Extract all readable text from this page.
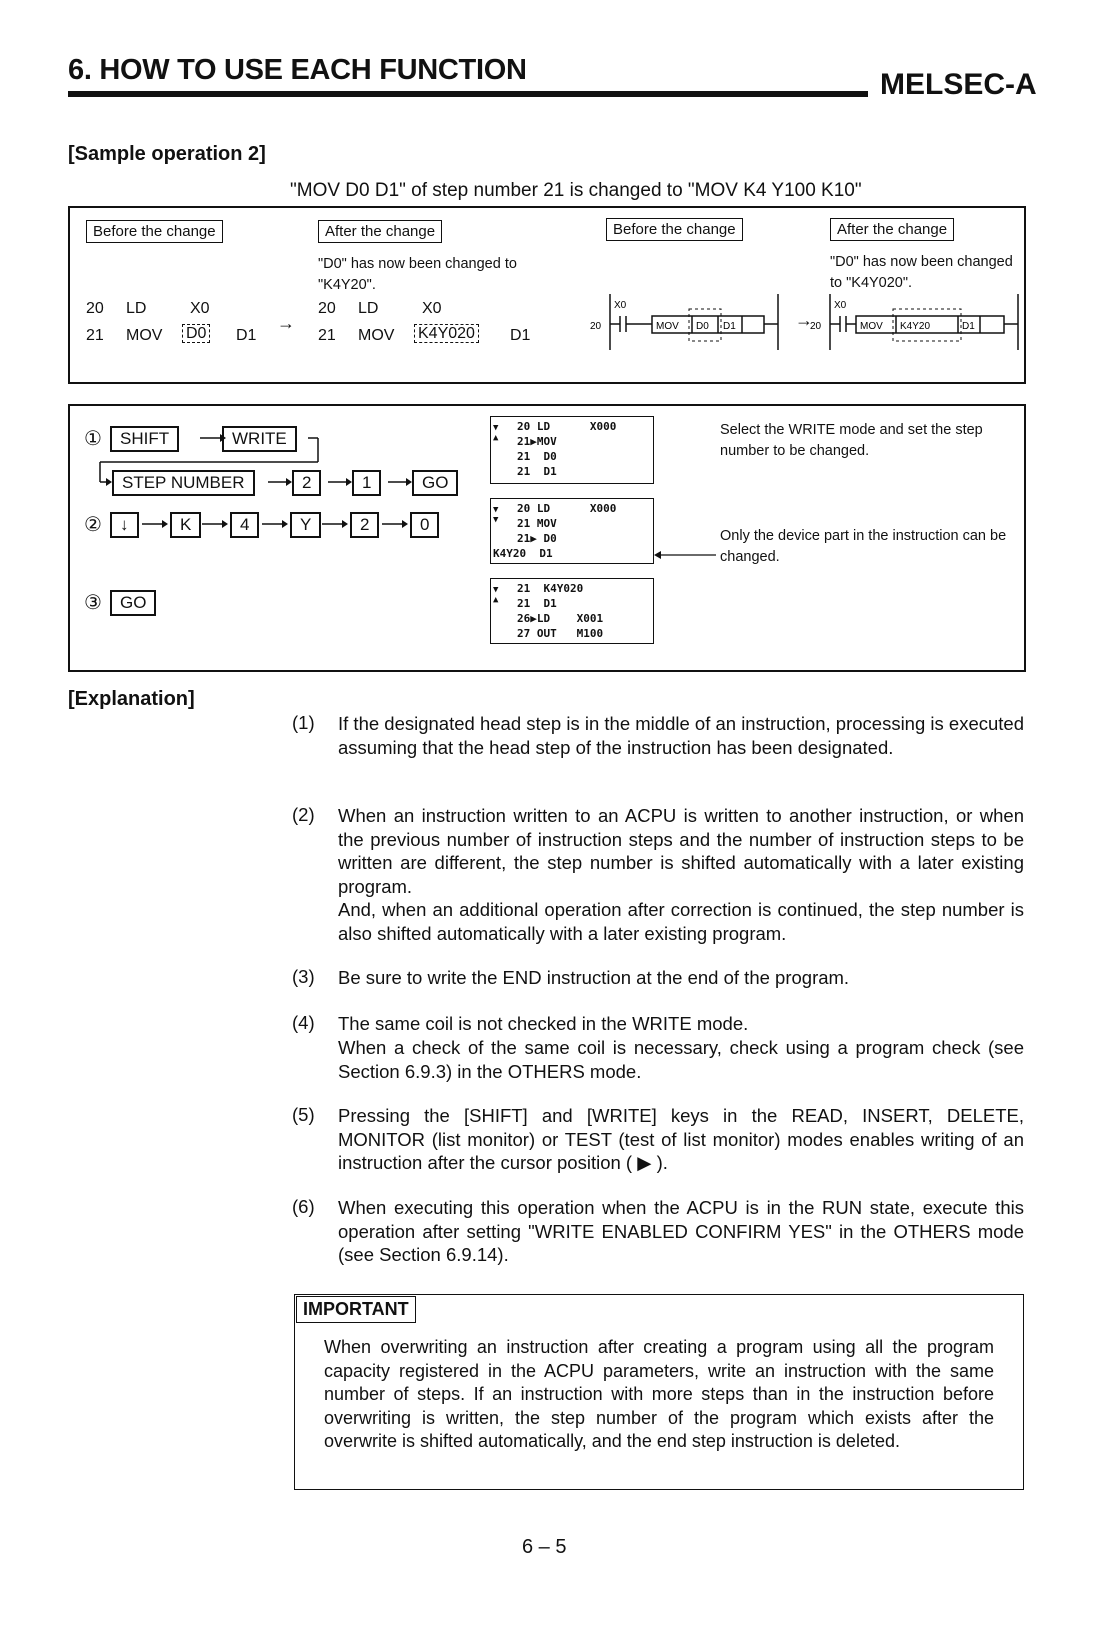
6. HOW TO USE EACH FUNCTION	MELSEC-A
[Sample operation 2]
"MOV D0 D1" of step number 21 is changed to "MOV K4 Y100 K10"
Before the change	After the change
"D0" has now been changed to "K4Y20".
20 LD	X0
21 MOV D0 D1
→
20 LD	X0
21 MOV K4Y020 D1
Before the change	After the change
"D0" has now been changed to "K4Y020".
20
X0
MOV D0 D1	→
20
X0
MOV K4Y20	D1
①	SHIFT	WRITE
STEP NUMBER	2	1	GO
②	↓	K	4	Y	2	0
③	GO
20 LD      X000
21▶MOV
21  D0
21  D1
▼
▲
20 LD      X000
21 MOV
21▶ D0
K4Y20  D1
▼
▼
21  K4Y020
21  D1
26▶LD    X001
27 OUT   M100
▼
▲
Select the WRITE mode and set the step number to be changed.
Only the device part in the instruction can be changed.
[Explanation]
(1) If the designated head step is in the middle of an instruction, processing is executed assuming that the head step of the instruction has been designated.
(2) When an instruction written to an ACPU is written to another instruction, or when the previous number of instruction steps and the number of instruction steps to be written are different, the step number is shifted automatically with a later existing program.
And, when an additional operation after correction is continued, the step number is also shifted automatically with a later existing program.
(3) Be sure to write the END instruction at the end of the program.
(4) The same coil is not checked in the WRITE mode.
When a check of the same coil is necessary, check using a program check (see Section 6.9.3) in the OTHERS mode.
(5) Pressing the [SHIFT] and [WRITE] keys in the READ, INSERT, DELETE, MONITOR (list monitor) or TEST (test of list monitor) modes enables writing of an instruction after the cursor position ( ▶ ).
(6) When executing this operation when the ACPU is in the RUN state, execute this operation after setting "WRITE ENABLED CONFIRM YES" in the OTHERS mode (see Section 6.9.14).
IMPORTANT
When overwriting an instruction after creating a program using all the program capacity registered in the ACPU parameters, write an instruction with the same number of steps. If an instruction with more steps than in the instruction before overwriting is written, the step number of the program which exists after the overwrite is shifted automatically, and the end step instruction is deleted.
6 – 5
